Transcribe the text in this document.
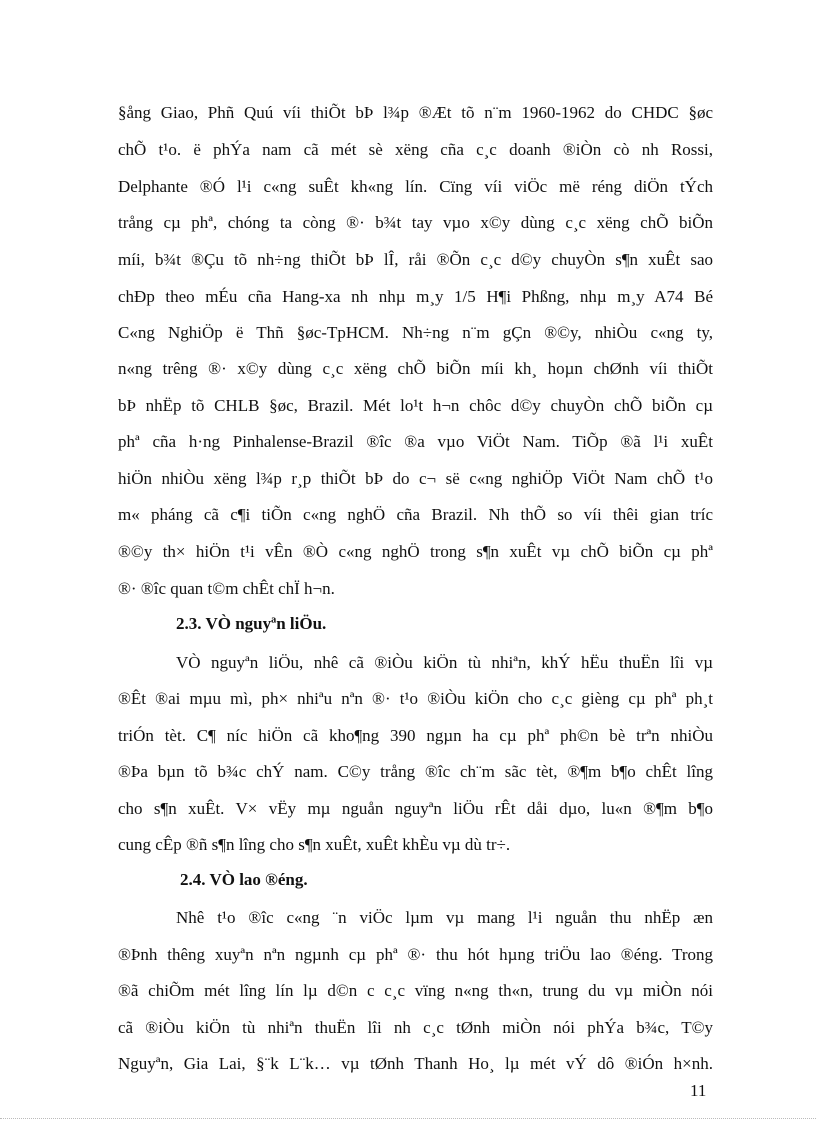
§ång Giao, Phñ Quú víi thiÕt bÞ l¾p ®Æt tõ n¨m 1960-1962 do CHDC §øc
chÕ t¹o. ë phÝa nam cã mét sè xëng cña c¸c doanh ®iÒn cò nh Rossi,
Delphante ®Ó l¹i c«ng suÊt kh«ng lín. Cïng víi viÖc më réng diÖn tÝch
trång cµ phª, chóng ta còng ®· b¾t tay vµo x©y dùng c¸c xëng chÕ biÕn
míi, b¾t ®Çu tõ nh÷ng thiÕt bÞ lÎ, råi ®Õn c¸c d©y chuyÒn s¶n xuÊt sao
chÐp theo mÉu cña Hang-xa nh nhµ m¸y 1/5 H¶i Phßng, nhµ m¸y A74 Bé
C«ng NghiÖp ë Thñ §øc-TpHCM. Nh÷ng n¨m gÇn ®©y, nhiÒu c«ng ty,
n«ng trêng ®· x©y dùng c¸c xëng chÕ biÕn míi kh¸ hoµn chØnh víi thiÕt
bÞ nhËp tõ CHLB §øc, Brazil. Mét lo¹t h¬n chôc d©y chuyÒn chÕ biÕn cµ
phª cña h·ng Pinhalense-Brazil ®îc ®a vµo ViÖt Nam. TiÕp ®ã l¹i xuÊt
hiÖn nhiÒu xëng l¾p r¸p thiÕt bÞ do c¬ së c«ng nghiÖp ViÖt Nam chÕ t¹o
m« pháng cã c¶i tiÕn c«ng nghÖ cña Brazil. Nh thÕ so víi thêi gian tríc
®©y th× hiÖn t¹i vÊn ®Ò c«ng nghÖ trong s¶n xuÊt vµ chÕ biÕn cµ phª
®· ®îc quan t©m chÊt chÏ h¬n.
2.3. VÒ nguyªn liÖu.
VÒ nguyªn liÖu, nhê cã ®iÒu kiÖn tù nhiªn, khÝ hËu thuËn lîi vµ
®Êt ®ai mµu mì, ph× nhiªu nªn ®· t¹o ®iÒu kiÖn cho c¸c gièng cµ phª ph¸t
triÓn tèt. C¶ níc hiÖn cã kho¶ng 390 ngµn ha cµ phª ph©n bè trªn nhiÒu
®Þa bµn tõ b¾c chÝ nam. C©y trång ®îc ch¨m sãc tèt, ®¶m b¶o chÊt lîng
cho s¶n xuÊt. V× vËy mµ nguån nguyªn liÖu rÊt dåi dµo, lu«n ®¶m b¶o
cung cÊp ®ñ s¶n lîng cho s¶n xuÊt, xuÊt khÈu vµ dù tr÷.
2.4. VÒ lao ®éng.
Nhê t¹o ®îc c«ng ¨n viÖc lµm vµ mang l¹i nguån thu nhËp æn
®Þnh thêng xuyªn nªn ngµnh cµ phª ®· thu hót hµng triÖu lao ®éng. Trong
®ã chiÕm mét lîng lín lµ d©n c c¸c vïng n«ng th«n, trung du vµ miÒn nói
cã ®iÒu kiÖn tù nhiªn thuËn lîi nh c¸c tØnh miÒn nói phÝa b¾c, T©y
Nguyªn, Gia Lai, §¨k L¨k… vµ tØnh Thanh Ho¸ lµ mét vÝ dô ®iÓn h×nh.
11
